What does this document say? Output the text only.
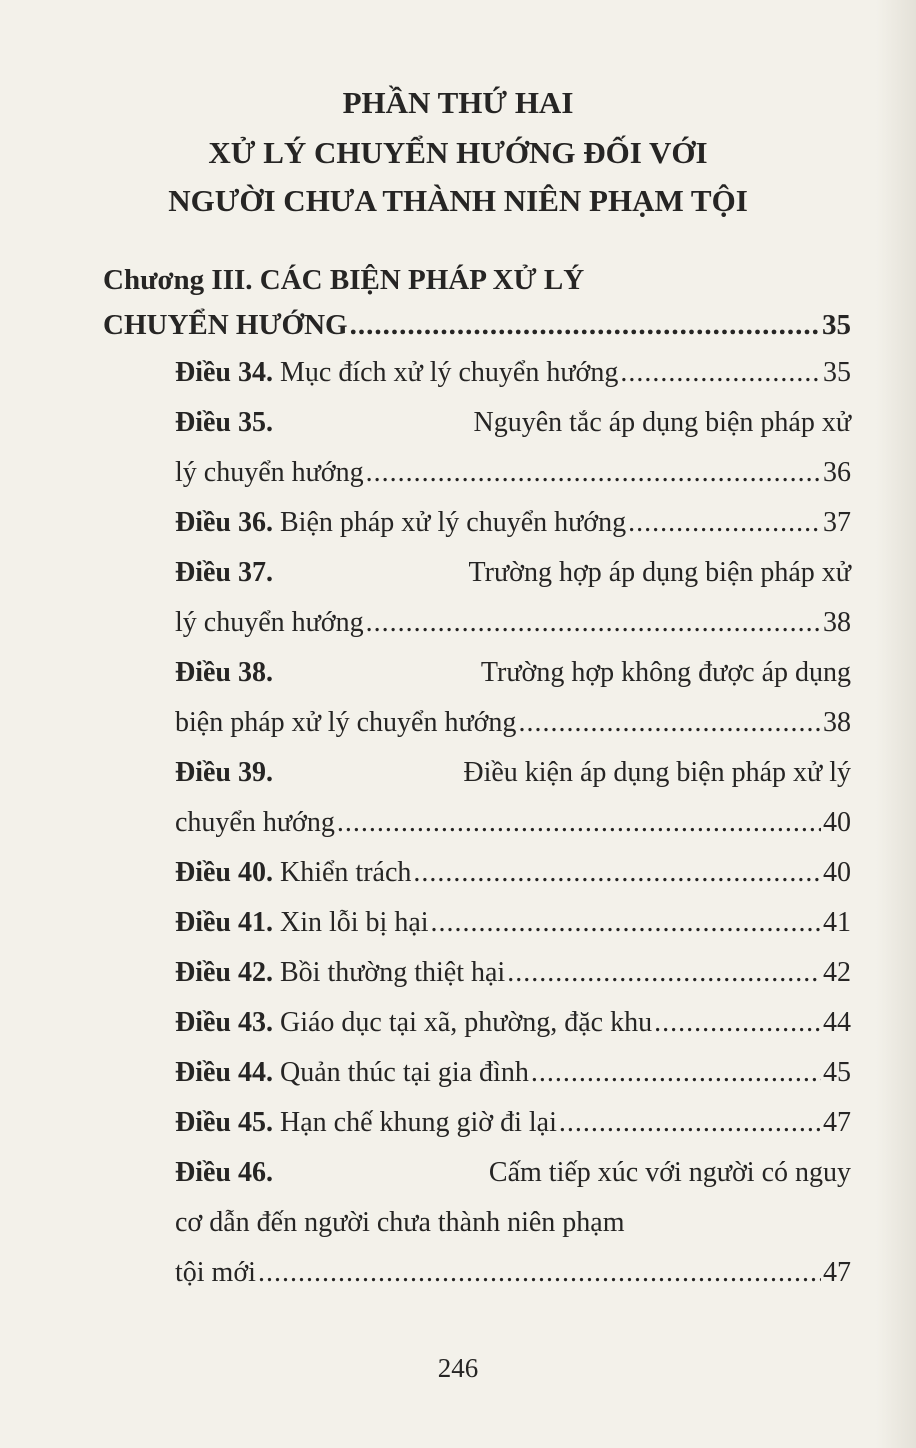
PHẦN THỨ HAI
XỬ LÝ CHUYỂN HƯỚNG ĐỐI VỚI
NGƯỜI CHƯA THÀNH NIÊN PHẠM TỘI
Chương III. CÁC BIỆN PHÁP XỬ LÝ
CHUYỂN HƯỚNG .....	35
Điều 34. Mục đích xử lý chuyển hướng .....	35
Điều 35.	Nguyên tắc áp dụng biện pháp xử
lý chuyển hướng .....	36
Điều 36. Biện pháp xử lý chuyển hướng .....	37
Điều 37.	Trường hợp áp dụng biện pháp xử
lý chuyển hướng .....	38
Điều 38.	Trường hợp không được áp dụng
biện pháp xử lý chuyển hướng .....	38
Điều 39.	Điều kiện áp dụng biện pháp xử lý
chuyển hướng .....	40
Điều 40. Khiển trách .....	40
Điều 41. Xin lỗi bị hại .....	41
Điều 42. Bồi thường thiệt hại .....	42
Điều 43. Giáo dục tại xã, phường, đặc khu .....	44
Điều 44. Quản thúc tại gia đình .....	45
Điều 45. Hạn chế khung giờ đi lại .....	47
Điều 46.	Cấm tiếp xúc với người có nguy
cơ dẫn đến người chưa thành niên phạm
tội mới .....	47
246
